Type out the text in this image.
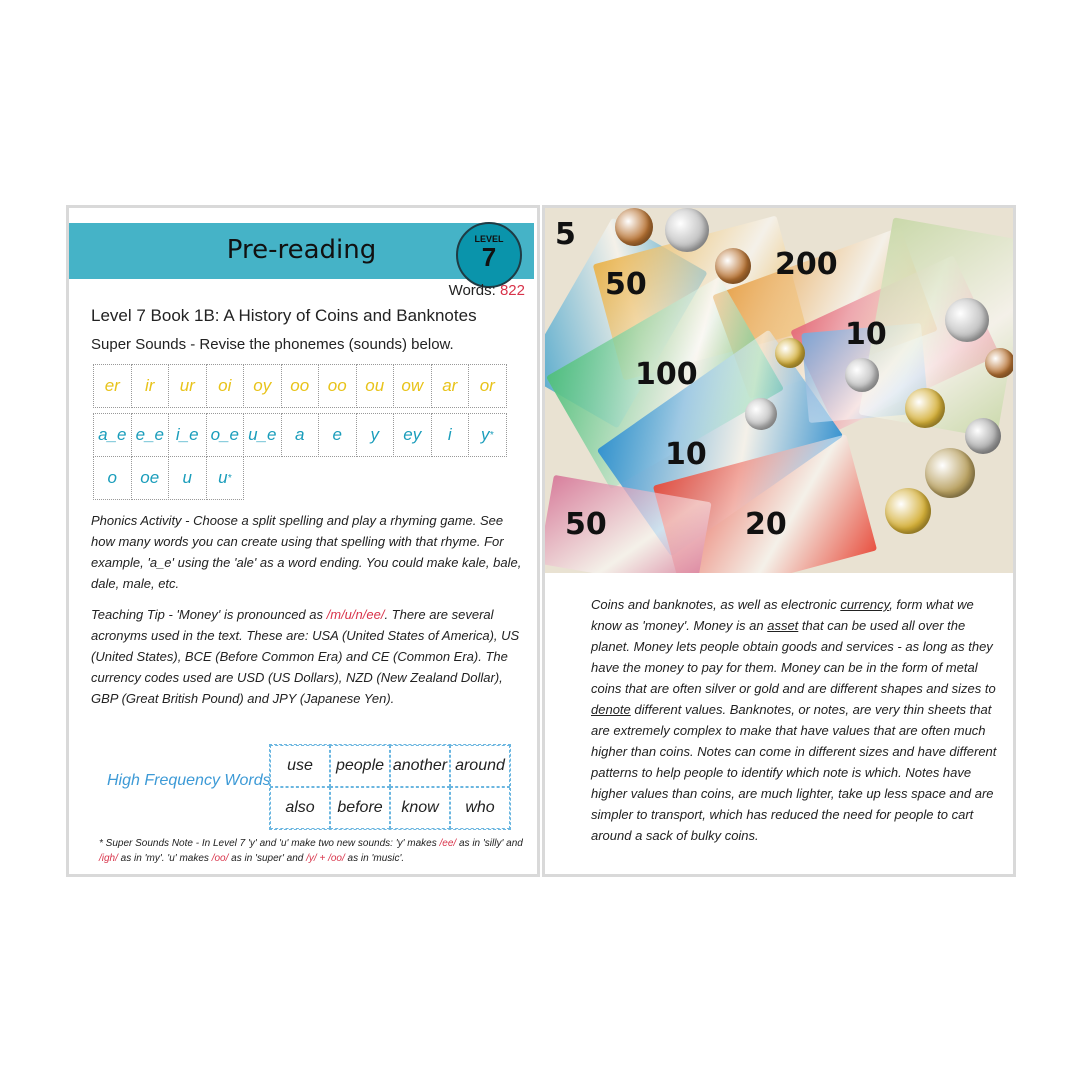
Pre-reading	LEVEL
7
Words: 822
Level 7 Book 1B: A History of Coins and Banknotes
Super Sounds - Revise the phonemes (sounds) below.
er ir ur oi oy oo oo ou ow ar or
a_e e_e i_e o_e u_e a e y ey i y *
o oe u u *
Phonics Activity - Choose a split spelling and play a rhyming game. See how many words you can create using that spelling with that rhyme. For example, 'a_e' using the 'ale' as a word ending. You could make kale, bale, dale, male, etc.
Teaching Tip - 'Money' is pronounced as /m/u/n/ee/. There are several acronyms used in the text. These are: USA (United States of America), US (United States), BCE (Before Common Era) and CE (Common Era). The currency codes used are USD (US Dollars), NZD (New Zealand Dollar), GBP (Great British Pound) and JPY (Japanese Yen).
High Frequency Words
use	people another around
also	before	know	who
* Super Sounds Note - In Level 7 'y' and 'u' make two new sounds: 'y' makes /ee/ as in 'silly' and /igh/ as in 'my'. 'u' makes /oo/ as in 'super' and /y/ + /oo/ as in 'music'.
50
100
10
20
5
200
10
50
Coins and banknotes, as well as electronic currency, form what we know as 'money'. Money is an asset that can be used all over the planet. Money lets people obtain goods and services - as long as they have the money to pay for them. Money can be in the form of metal coins that are often silver or gold and are different shapes and sizes to denote different values. Banknotes, or notes, are very thin sheets that are extremely complex to make that have values that are often much higher than coins. Notes can come in different sizes and have different patterns to help people to identify which note is which. Notes have higher values than coins, are much lighter, take up less space and are simpler to transport, which has reduced the need for people to cart around a sack of bulky coins.
